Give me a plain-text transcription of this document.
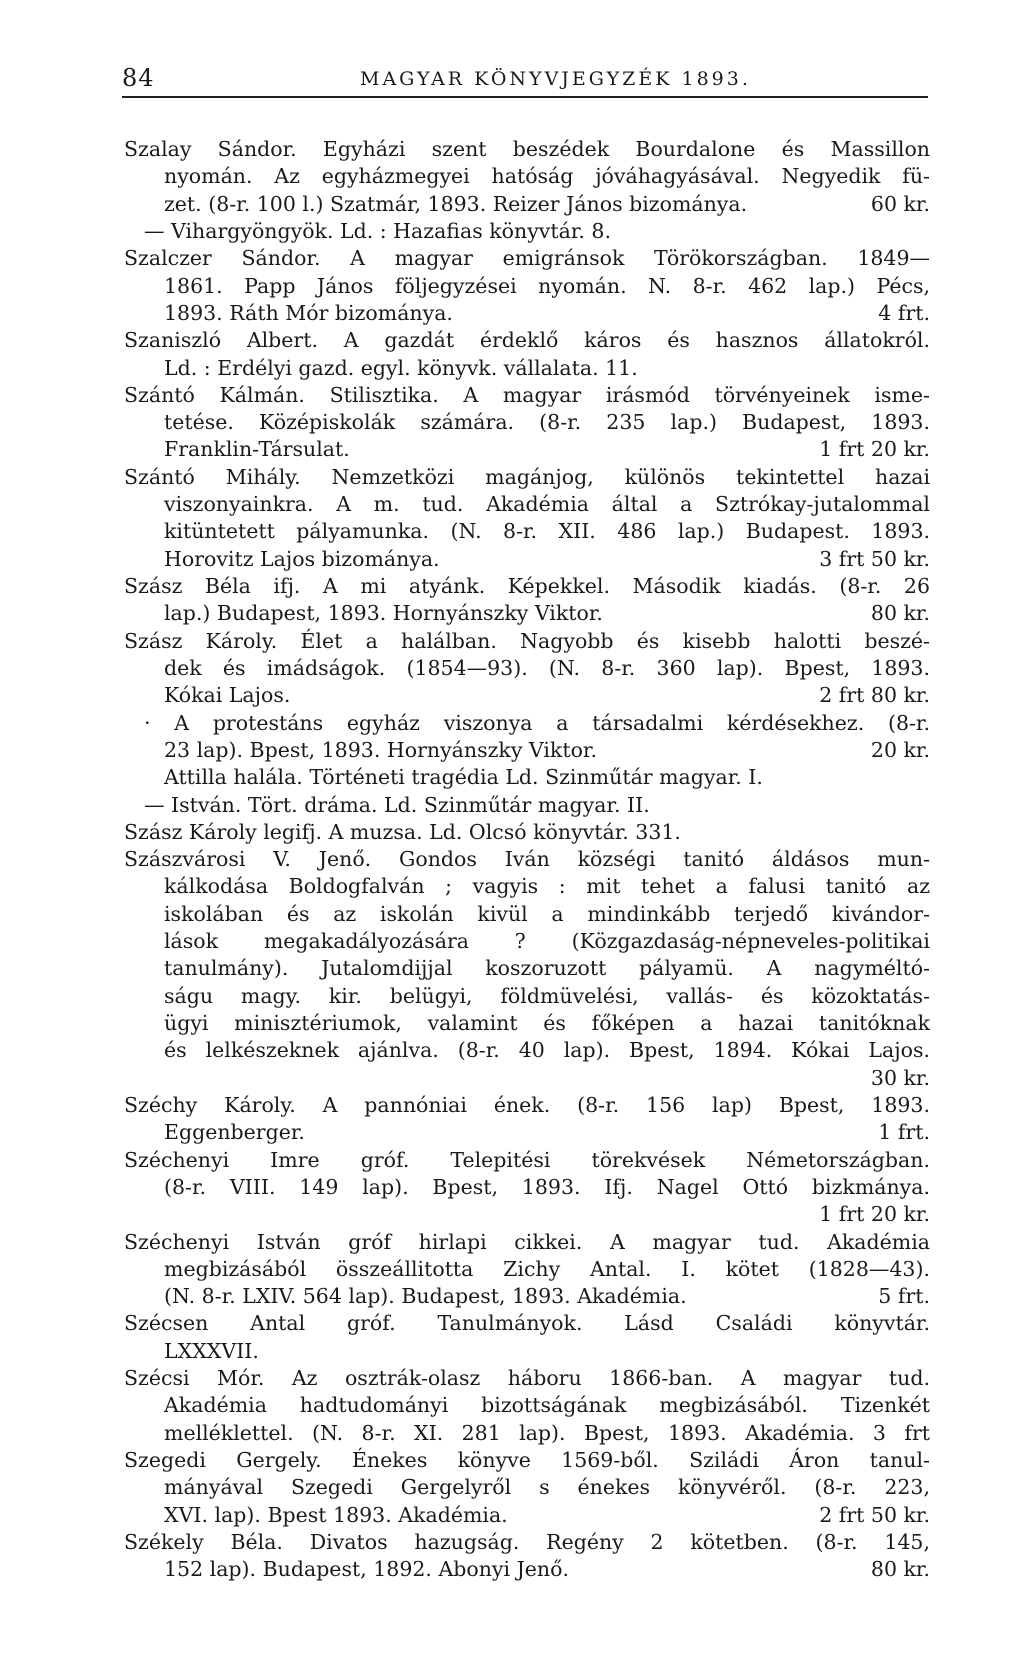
84	MAGYAR KÖNYVJEGYZÉK 1893.
Szalay Sándor. Egyházi szent beszédek Bourdalone és Massillon
nyomán. Az egyházmegyei hatóság jóváhagyásával. Negyedik fü-
zet. (8-r. 100 l.) Szatmár, 1893. Reizer János bizománya.	60 kr.
— Vihargyöngyök. Ld. : Hazafias könyvtár. 8.
Szalczer Sándor. A magyar emigránsok Törökországban. 1849—
1861. Papp János följegyzései nyomán. N. 8-r. 462 lap.) Pécs,
1893. Ráth Mór bizománya.	4 frt.
Szaniszló Albert. A gazdát érdeklő káros és hasznos állatokról.
Ld. : Erdélyi gazd. egyl. könyvk. vállalata. 11.
Szántó Kálmán. Stilisztika. A magyar irásmód törvényeinek isme-
tetése. Középiskolák számára. (8-r. 235 lap.) Budapest, 1893.
Franklin-Társulat.	1 frt 20 kr.
Szántó Mihály. Nemzetközi magánjog, különös tekintettel hazai
viszonyainkra. A m. tud. Akadémia által a Sztrókay-jutalommal
kitüntetett pályamunka. (N. 8-r. XII. 486 lap.) Budapest. 1893.
Horovitz Lajos bizománya.	3 frt 50 kr.
Szász Béla ifj. A mi atyánk. Képekkel. Második kiadás. (8-r. 26
lap.) Budapest, 1893. Hornyánszky Viktor.	80 kr.
Szász Károly. Élet a halálban. Nagyobb és kisebb halotti beszé-
dek és imádságok. (1854—93). (N. 8-r. 360 lap). Bpest, 1893.
Kókai Lajos.	2 frt 80 kr.
· A protestáns egyház viszonya a társadalmi kérdésekhez. (8-r.
23 lap). Bpest, 1893. Hornyánszky Viktor.	20 kr.
Attilla halála. Történeti tragédia Ld. Szinműtár magyar. I.
— István. Tört. dráma. Ld. Szinműtár magyar. II.
Szász Károly legifj. A muzsa. Ld. Olcsó könyvtár. 331.
Szászvárosi V. Jenő. Gondos Iván községi tanitó áldásos mun-
kálkodása Boldogfalván ; vagyis : mit tehet a falusi tanitó az
iskolában és az iskolán kivül a mindinkább terjedő kivándor-
lások megakadályozására ? (Közgazdaság-népneveles-politikai
tanulmány). Jutalomdijjal koszoruzott pályamü. A nagyméltó-
ságu magy. kir. belügyi, földmüvelési, vallás- és közoktatás-
ügyi minisztériumok, valamint és főképen a hazai tanitóknak
és lelkészeknek ajánlva. (8-r. 40 lap). Bpest, 1894. Kókai Lajos.
30 kr.
Széchy Károly. A pannóniai ének. (8-r. 156 lap) Bpest, 1893.
Eggenberger.	1 frt.
Széchenyi Imre gróf. Telepitési törekvések Németországban.
(8-r. VIII. 149 lap). Bpest, 1893. Ifj. Nagel Ottó bizkmánya.
1 frt 20 kr.
Széchenyi István gróf hirlapi cikkei. A magyar tud. Akadémia
megbizásából összeállitotta Zichy Antal. I. kötet (1828—43).
(N. 8-r. LXIV. 564 lap). Budapest, 1893. Akadémia.	5 frt.
Szécsen Antal gróf. Tanulmányok. Lásd Családi könyvtár.
LXXXVII.
Szécsi Mór. Az osztrák-olasz háboru 1866-ban. A magyar tud.
Akadémia hadtudományi bizottságának megbizásából. Tizenkét
melléklettel. (N. 8-r. XI. 281 lap). Bpest, 1893. Akadémia. 3 frt
Szegedi Gergely. Énekes könyve 1569-ből. Sziládi Áron tanul-
mányával Szegedi Gergelyről s énekes könyvéről. (8-r. 223,
XVI. lap). Bpest 1893. Akadémia.	2 frt 50 kr.
Székely Béla. Divatos hazugság. Regény 2 kötetben. (8-r. 145,
152 lap). Budapest, 1892. Abonyi Jenő.	80 kr.
